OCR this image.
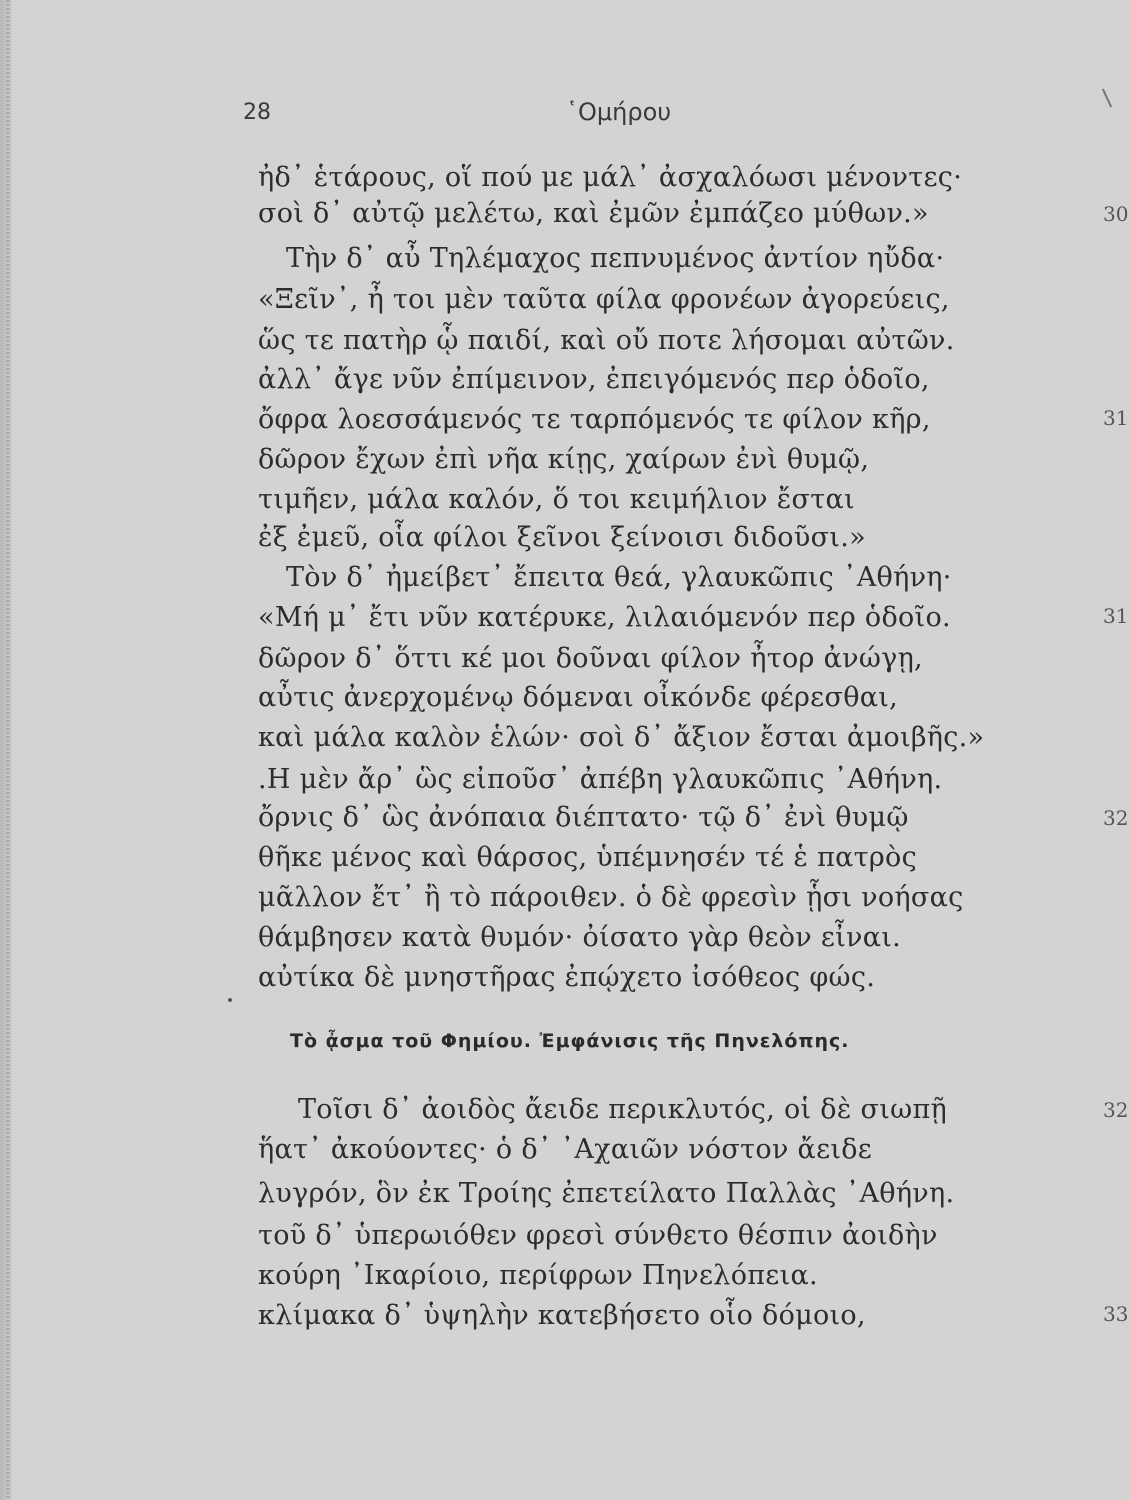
28	῾Ομήρου
ἠδ᾽ ἑτάρους, οἵ πού με μάλ᾽ ἀσχαλόωσι μένοντες·
σοὶ δ᾽ αὐτῷ μελέτω, καὶ ἐμῶν ἐμπάζεο μύθων.»
Τὴν δ᾽ αὖ Τηλέμαχος πεπνυμένος ἀντίον ηὔδα·
«Ξεῖν᾽, ἦ τοι μὲν ταῦτα φίλα φρονέων ἀγορεύεις,
ὥς τε πατὴρ ᾧ παιδί, καὶ οὔ ποτε λήσομαι αὐτῶν.
ἀλλ᾽ ἄγε νῦν ἐπίμεινον, ἐπειγόμενός περ ὁδοῖο,
ὄφρα λοεσσάμενός τε ταρπόμενός τε φίλον κῆρ,
δῶρον ἔχων ἐπὶ νῆα κίῃς, χαίρων ἐνὶ θυμῷ,
τιμῆεν, μάλα καλόν, ὅ τοι κειμήλιον ἔσται
ἐξ ἐμεῦ, οἷα φίλοι ξεῖνοι ξείνοισι διδοῦσι.»
Τὸν δ᾽ ἠμείβετ᾽ ἔπειτα θεά, γλαυκῶπις ᾽Αθήνη·
«Μή μ᾽ ἔτι νῦν κατέρυκε, λιλαιόμενόν περ ὁδοῖο.
δῶρον δ᾽ ὅττι κέ μοι δοῦναι φίλον ἦτορ ἀνώγῃ,
αὖτις ἀνερχομένῳ δόμεναι οἶκόνδε φέρεσθαι,
καὶ μάλα καλὸν ἑλών· σοὶ δ᾽ ἄξιον ἔσται ἀμοιβῆς.»
.Η μὲν ἄρ᾽ ὣς εἰποῦσ᾽ ἀπέβη γλαυκῶπις ᾽Αθήνη.
ὄρνις δ᾽ ὣς ἀνόπαια διέπτατο· τῷ δ᾽ ἐνὶ θυμῷ
θῆκε μένος καὶ θάρσος, ὑπέμνησέν τέ ἑ πατρὸς
μᾶλλον ἔτ᾽ ἢ τὸ πάροιθεν. ὁ δὲ φρεσὶν ᾗσι νοήσας
θάμβησεν κατὰ θυμόν· ὀίσατο γὰρ θεὸν εἶναι.
αὐτίκα δὲ μνηστῆρας ἐπῴχετο ἰσόθεος φώς.
Τὸ ᾆσμα τοῦ Φημίου. Ἐμφάνισις τῆς Πηνελόπης.
Τοῖσι δ᾽ ἀοιδὸς ἄειδε περικλυτός, οἱ δὲ σιωπῇ
ἥατ᾽ ἀκούοντες· ὁ δ᾽ ᾽Αχαιῶν νόστον ἄειδε
λυγρόν, ὃν ἐκ Τροίης ἐπετείλατο Παλλὰς ᾽Αθήνη.
τοῦ δ᾽ ὑπερωιόθεν φρεσὶ σύνθετο θέσπιν ἀοιδὴν
κούρη ᾽Ικαρίοιο, περίφρων Πηνελόπεια.
κλίμακα δ᾽ ὑψηλὴν κατεβήσετο οἷο δόμοιο,
30
31
31
32
32
33
